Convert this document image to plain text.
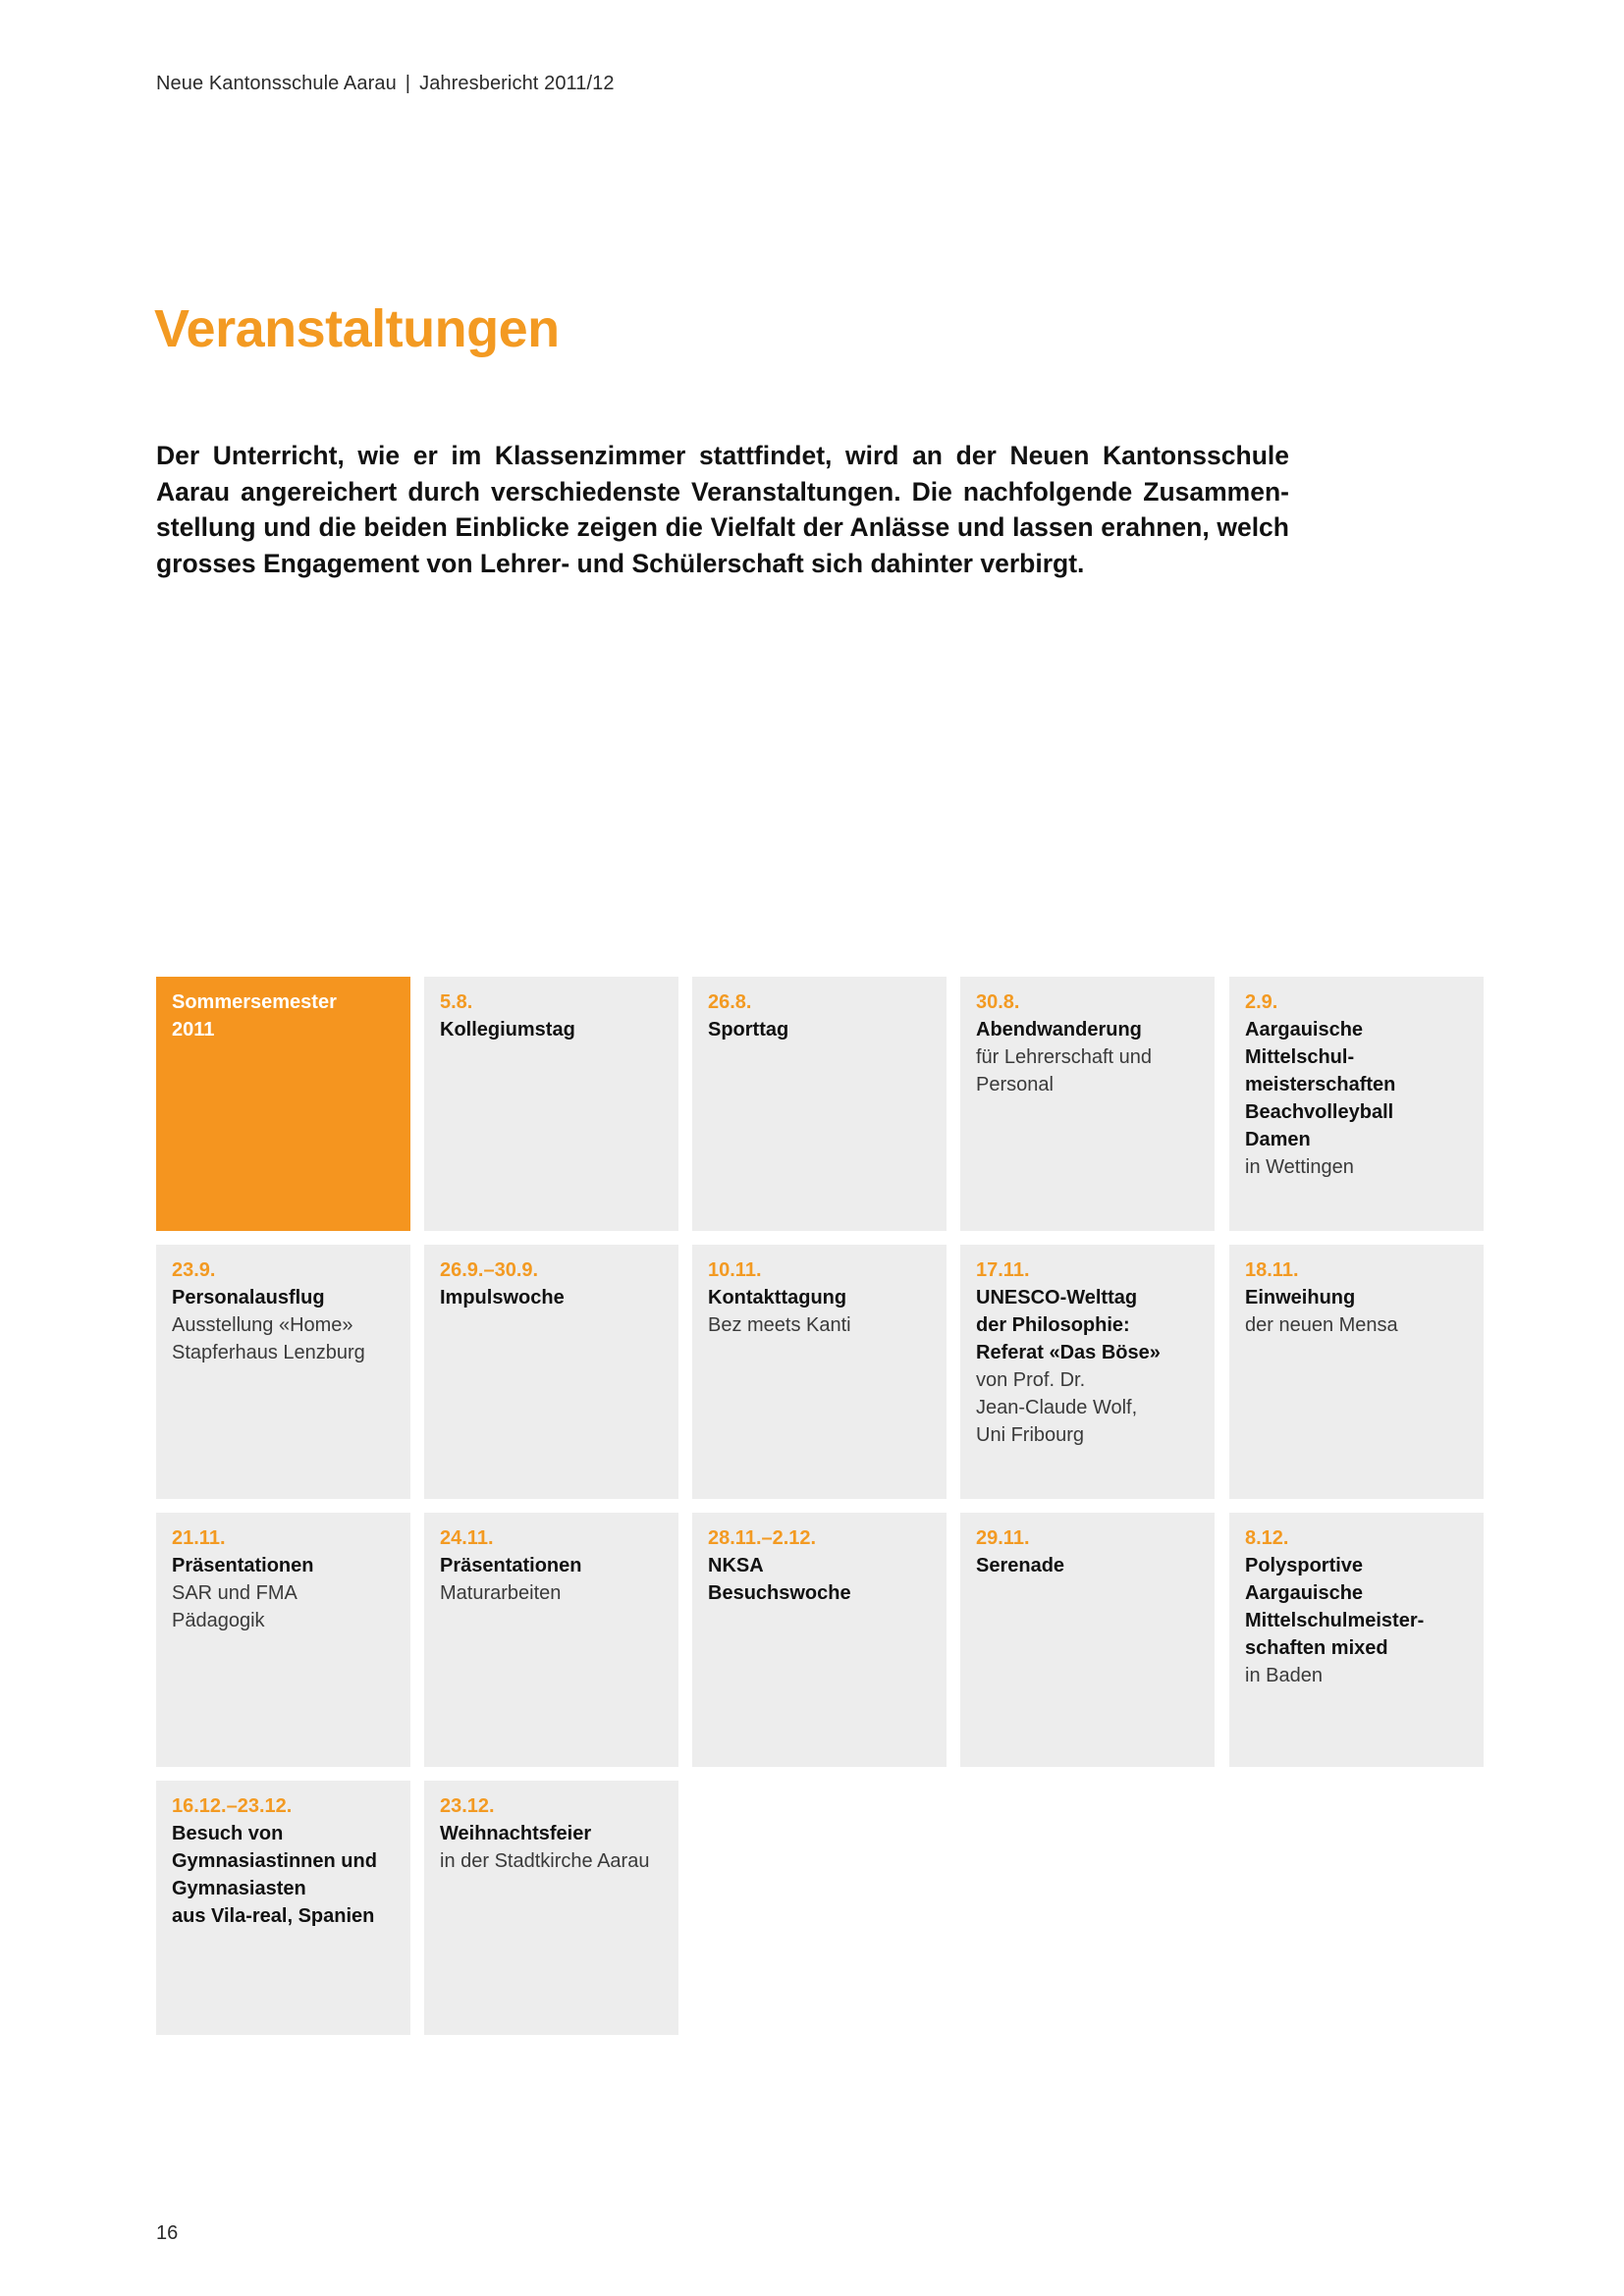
Neue Kantonsschule Aarau | Jahresbericht 2011/12
Veranstaltungen

Der Unterricht, wie er im Klassenzimmer stattfindet, wird an der Neuen Kantonsschule Aarau angereichert durch verschiedenste Veranstaltungen. Die nachfolgende Zusammenstellung und die beiden Einblicke zeigen die Vielfalt der Anlässe und lassen erahnen, welch grosses Engagement von Lehrer- und Schülerschaft sich dahinter verbirgt.

Sommersemester
2011
5.8.
Kollegiumstag
26.8.
Sporttag
30.8.
Abendwanderung
für Lehrerschaft und
Personal
2.9.
Aargauische
Mittelschul-
meisterschaften
Beachvolleyball
Damen
in Wettingen
23.9.
Personalausflug
Ausstellung «Home»
Stapferhaus Lenzburg
26.9.–30.9.
Impulswoche
10.11.
Kontakttagung
Bez meets Kanti
17.11.
UNESCO-Welttag
der Philosophie:
Referat «Das Böse»
von Prof. Dr.
Jean-Claude Wolf,
Uni Fribourg
18.11.
Einweihung
der neuen Mensa
21.11.
Präsentationen
SAR und FMA
Pädagogik
24.11.
Präsentationen
Maturarbeiten
28.11.–2.12.
NKSA
Besuchswoche
29.11.
Serenade
8.12.
Polysportive
Aargauische
Mittelschulmeister-
schaften mixed
in Baden
16.12.–23.12.
Besuch von
Gymnasiastinnen und
Gymnasiasten
aus Vila-real, Spanien
23.12.
Weihnachtsfeier
in der Stadtkirche Aarau
16
